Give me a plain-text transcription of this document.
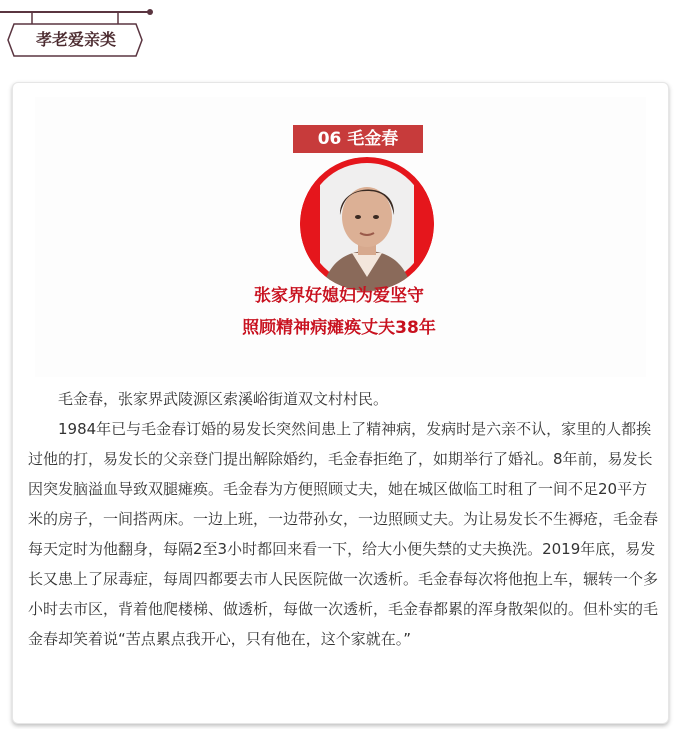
孝老爱亲类
06 毛金春
张家界好媳妇为爱坚守
照顾精神病瘫痪丈夫38年

毛金春，张家界武陵源区索溪峪街道双文村村民。

1984年已与毛金春订婚的易发长突然间患上了精神病，发病时是六亲不认，家里的人都挨过他的打，易发长的父亲登门提出解除婚约，毛金春拒绝了，如期举行了婚礼。8年前，易发长因突发脑溢血导致双腿瘫痪。毛金春为方便照顾丈夫，她在城区做临工时租了一间不足20平方米的房子，一间搭两床。一边上班，一边带孙女，一边照顾丈夫。为让易发长不生褥疮，毛金春每天定时为他翻身，每隔2至3小时都回来看一下，给大小便失禁的丈夫换洗。2019年底，易发长又患上了尿毒症，每周四都要去市人民医院做一次透析。毛金春每次将他抱上车，辗转一个多小时去市区，背着他爬楼梯、做透析，每做一次透析，毛金春都累的浑身散架似的。但朴实的毛金春却笑着说“苦点累点我开心，只有他在，这个家就在。”
